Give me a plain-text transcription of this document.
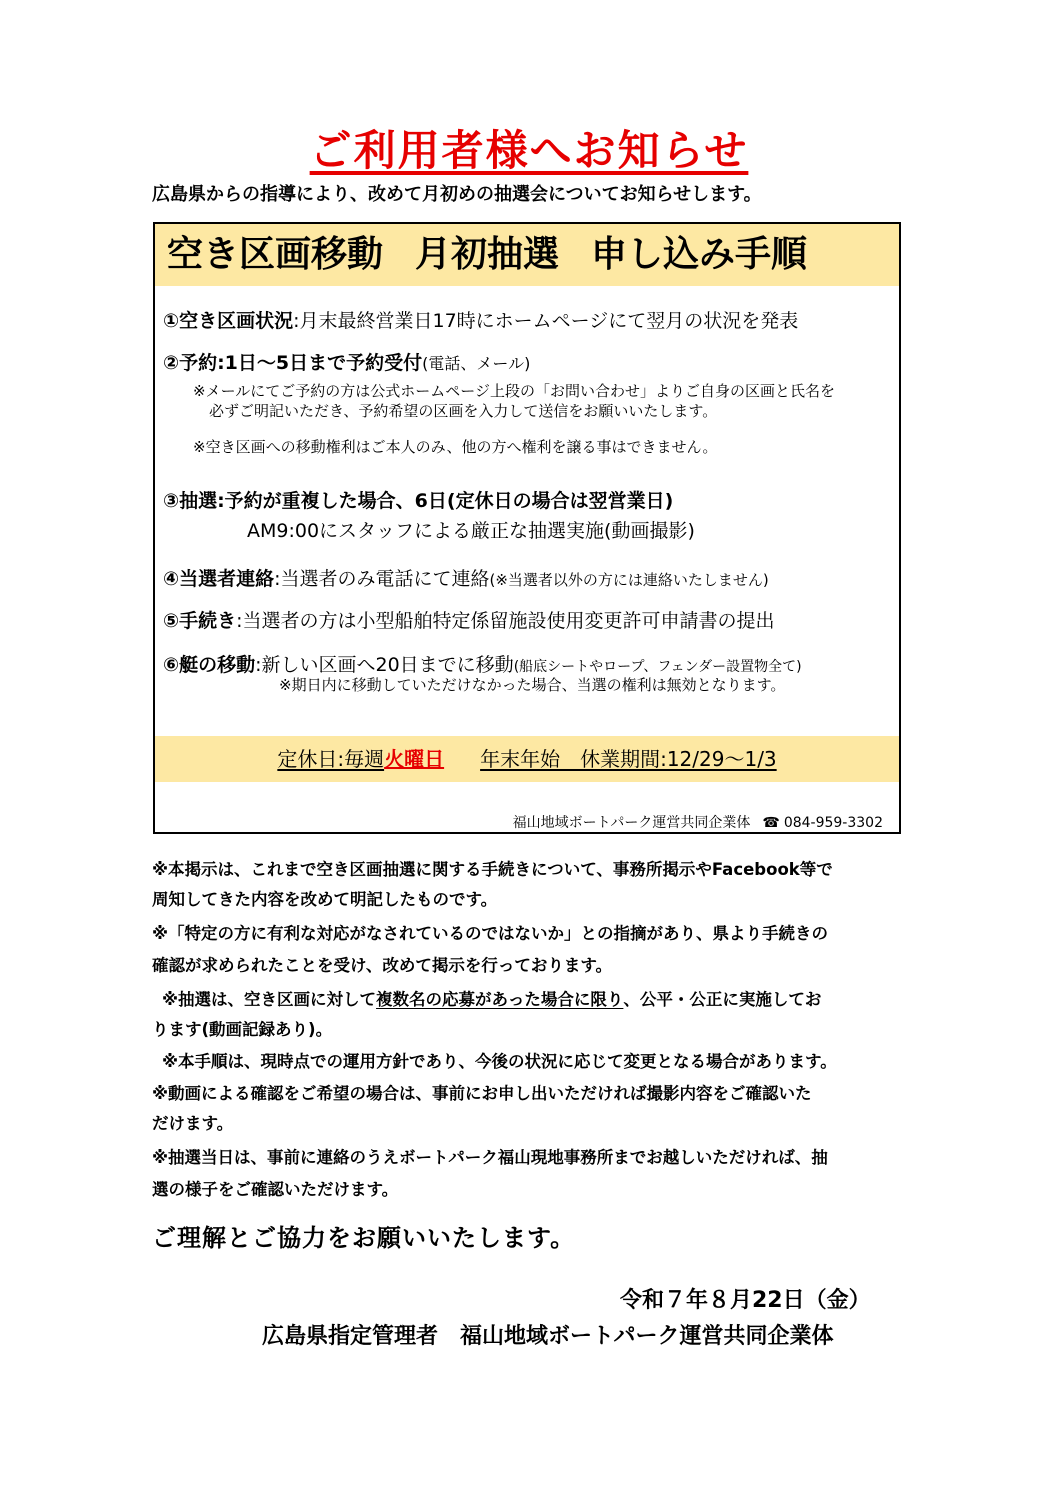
ご利用者様へお知らせ
広島県からの指導により、改めて月初めの抽選会についてお知らせします。
空き区画移動 月初抽選 申し込み手順
①空き区画状況:月末最終営業日17時にホームページにて翌月の状況を発表
②予約:1日～5日まで予約受付(電話、メール)
※メールにてご予約の方は公式ホームページ上段の「お問い合わせ」よりご自身の区画と氏名を
必ずご明記いただき、予約希望の区画を入力して送信をお願いいたします。
※空き区画への移動権利はご本人のみ、他の方へ権利を譲る事はできません。
③抽選:予約が重複した場合、6日(定休日の場合は翌営業日)
AM9:00にスタッフによる厳正な抽選実施(動画撮影)
④当選者連絡:当選者のみ電話にて連絡(※当選者以外の方には連絡いたしません)
⑤手続き:当選者の方は小型船舶特定係留施設使用変更許可申請書の提出
⑥艇の移動:新しい区画へ20日までに移動(船底シートやロープ、フェンダー設置物全て)
※期日内に移動していただけなかった場合、当選の権利は無効となります。
定休日:毎週火曜日 年末年始　休業期間:12/29～1/3
福山地域ボートパーク運営共同企業体 ☎ 084-959-3302
※本掲示は、これまで空き区画抽選に関する手続きについて、事務所掲示やFacebook等で
周知してきた内容を改めて明記したものです。
※「特定の方に有利な対応がなされているのではないか」との指摘があり、県より手続きの
確認が求められたことを受け、改めて掲示を行っております。
※抽選は、空き区画に対して複数名の応募があった場合に限り、公平・公正に実施してお
ります(動画記録あり)。
※本手順は、現時点での運用方針であり、今後の状況に応じて変更となる場合があります。
※動画による確認をご希望の場合は、事前にお申し出いただければ撮影内容をご確認いた
だけます。
※抽選当日は、事前に連絡のうえボートパーク福山現地事務所までお越しいただければ、抽
選の様子をご確認いただけます。
ご理解とご協力をお願いいたします。
令和７年８月22日（金）
広島県指定管理者　福山地域ボートパーク運営共同企業体
